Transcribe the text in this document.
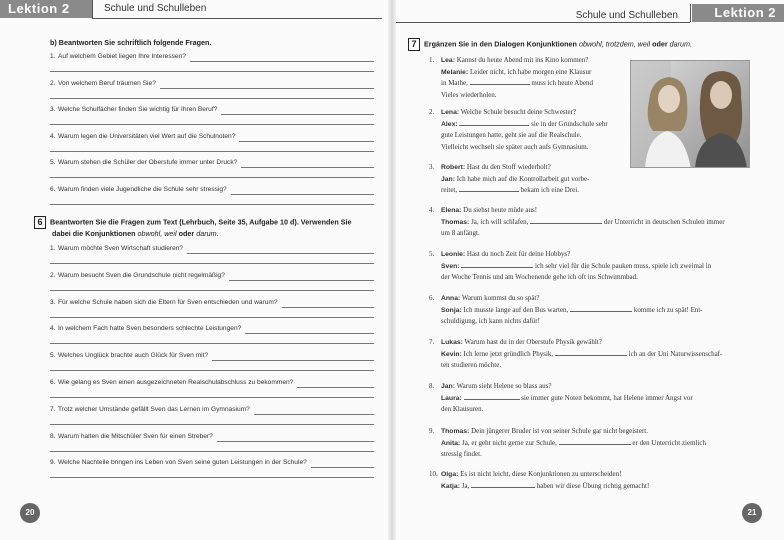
Lektion 2	Schule und Schulleben
b) Beantworten Sie schriftlich folgende Fragen.
1. Auf welchem Gebiet liegen Ihre Interessen?
2. Von welchem Beruf träumen Sie?
3. Welche Schulfächer finden Sie wichtig für Ihren Beruf?
4. Warum legen die Universitäten viel Wert auf die Schulnoten?
5. Warum stehen die Schüler der Oberstufe immer unter Druck?
6. Warum finden viele Jugendliche die Schule sehr stressig?
6 Beantworten Sie die Fragen zum Text (Lehrbuch, Seite 35, Aufgabe 10 d). Verwenden Sie
dabei die Konjunktionen obwohl, weil oder darum.
1. Warum möchte Sven Wirtschaft studieren?
2. Warum besucht Sven die Grundschule nicht regelmäßig?
3. Für welche Schule haben sich die Eltern für Sven entschieden und warum?
4. In welchem Fach hatte Sven besonders schlechte Leistungen?
5. Welches Unglück brachte auch Glück für Sven mit?
6. Wie gelang es Sven einen ausgezeichneten Realschulabschluss zu bekommen?
7. Trotz welcher Umstände gefällt Sven das Lernen im Gymnasium?
8. Warum halten die Mitschüler Sven für einen Streber?
9. Welche Nachteile bringen ins Leben von Sven seine guten Leistungen in der Schule?
20
Schule und Schulleben	Lektion 2
7 Ergänzen Sie in den Dialogen Konjunktionen obwohl, trotzdem, weil oder darum.
21
1. Lea: Kannst du heute Abend mit ins Kino kommen?
Melanie: Leider nicht, ich habe morgen eine Klausur
in Mathe,	muss ich heute Abend
Vieles wiederholen.
2. Lena: Welche Schule besucht deine Schwester?
Alex:	sie in der Grundschule sehr
gute Leistungen hatte, geht sie auf die Realschule.
Vielleicht wechselt sie später auch aufs Gymnasium.
3. Robert: Hast du den Stoff wiederholt?
Jan: Ich habe mich auf die Kontrollarbeit gut vorbe-
reitet,	bekam ich eine Drei.
4. Elena: Du siehst heute müde aus!
Thomas: Ja, ich will schlafen,	der Unterricht in deutschen Schulen immer
um 8 anfängt.
5. Leonie: Hast du noch Zeit für deine Hobbys?
Sven:	ich sehr viel für die Schule pauken muss, spiele ich zweimal in
der Woche Tennis und am Wochenende gehe ich oft ins Schwimmbad.
6. Anna: Warum kommst du so spät?
Sonja: Ich musste lange auf den Bus warten,	komme ich zu spät! Ent-
schuldigung, ich kann nichts dafür!
7. Lukas: Warum hast du in der Oberstufe Physik gewählt?
Kevin: Ich lerne jetzt gründlich Physik,	ich an der Uni Naturwissenschaf-
ten studieren möchte.
8. Jan: Warum sieht Helene so blass aus?
Laura:	sie immer gute Noten bekommt, hat Helene immer Angst vor
den Klausuren.
9. Thomas: Dein jüngerer Bruder ist von seiner Schule gar nicht begeistert.
Anita: Ja, er geht nicht gerne zur Schule,	er den Unterricht ziemlich
stressig findet.
10. Olga: Es ist nicht leicht, diese Konjunktionen zu unterscheiden!
Katja: Ja,	haben wir diese Übung richtig gemacht!
